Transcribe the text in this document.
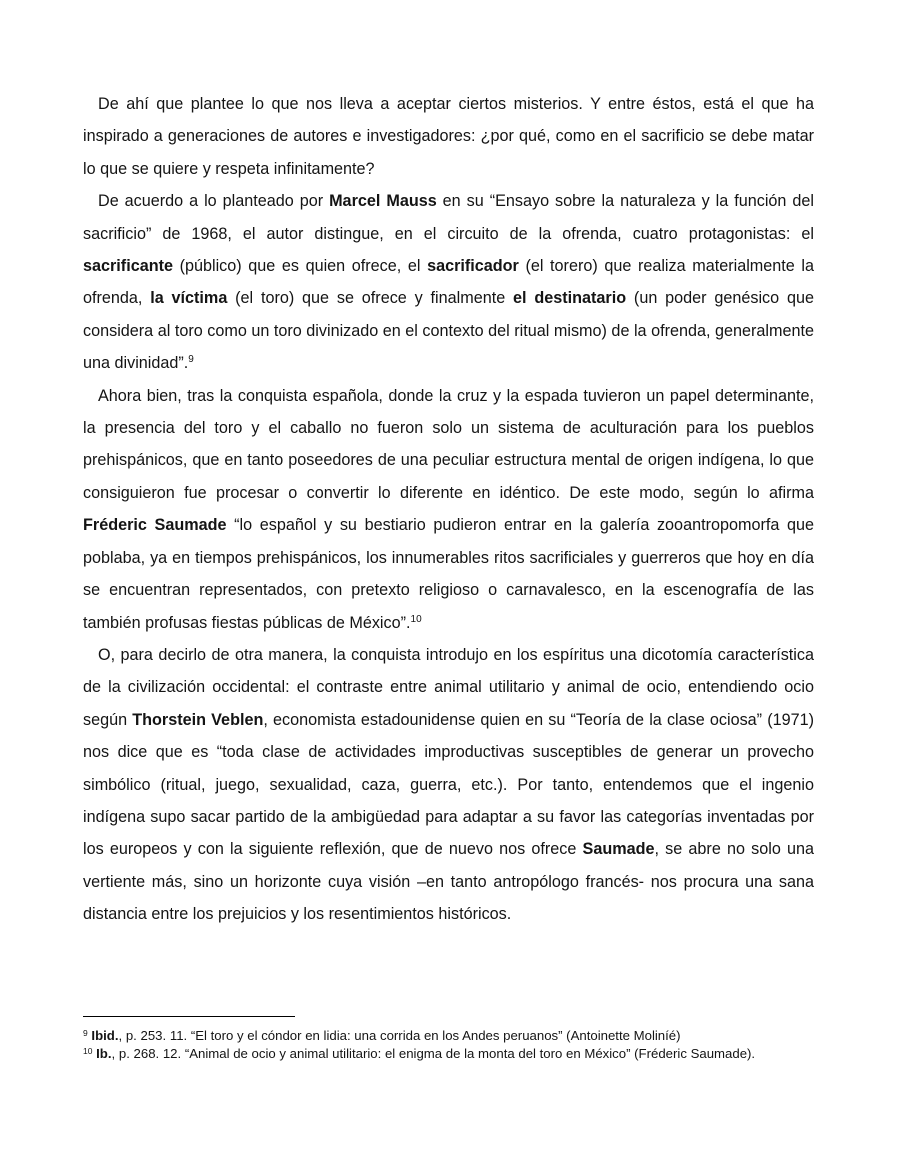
De ahí que plantee lo que nos lleva a aceptar ciertos misterios. Y entre éstos, está el que ha inspirado a generaciones de autores e investigadores: ¿por qué, como en el sacrificio se debe matar lo que se quiere y respeta infinitamente?

De acuerdo a lo planteado por Marcel Mauss en su “Ensayo sobre la naturaleza y la función del sacrificio” de 1968, el autor distingue, en el circuito de la ofrenda, cuatro protagonistas: el sacrificante (público) que es quien ofrece, el sacrificador (el torero) que realiza materialmente la ofrenda, la víctima (el toro) que se ofrece y finalmente el destinatario (un poder genésico que considera al toro como un toro divinizado en el contexto del ritual mismo) de la ofrenda, generalmente una divinidad”.$^9$

Ahora bien, tras la conquista española, donde la cruz y la espada tuvieron un papel determinante, la presencia del toro y el caballo no fueron solo un sistema de aculturación para los pueblos prehispánicos, que en tanto poseedores de una peculiar estructura mental de origen indígena, lo que consiguieron fue procesar o convertir lo diferente en idéntico. De este modo, según lo afirma Fréderic Saumade “lo español y su bestiario pudieron entrar en la galería zooantropomorfa que poblaba, ya en tiempos prehispánicos, los innumerables ritos sacrificiales y guerreros que hoy en día se encuentran representados, con pretexto religioso o carnavalesco, en la escenografía de las también profusas fiestas públicas de México”.$^{10}$

O, para decirlo de otra manera, la conquista introdujo en los espíritus una dicotomía característica de la civilización occidental: el contraste entre animal utilitario y animal de ocio, entendiendo ocio según Thorstein Veblen, economista estadounidense quien en su “Teoría de la clase ociosa” (1971) nos dice que es “toda clase de actividades improductivas susceptibles de generar un provecho simbólico (ritual, juego, sexualidad, caza, guerra, etc.). Por tanto, entendemos que el ingenio indígena supo sacar partido de la ambigüedad para adaptar a su favor las categorías inventadas por los europeos y con la siguiente reflexión, que de nuevo nos ofrece Saumade, se abre no solo una vertiente más, sino un horizonte cuya visión –en tanto antropólogo francés- nos procura una sana distancia entre los prejuicios y los resentimientos históricos.

$^9$ Ibid., p. 253. 11. “El toro y el cóndor en lidia: una corrida en los Andes peruanos” (Antoinette Moliníé)

$^{10}$ Ib., p. 268. 12. “Animal de ocio y animal utilitario: el enigma de la monta del toro en México” (Fréderic Saumade).
